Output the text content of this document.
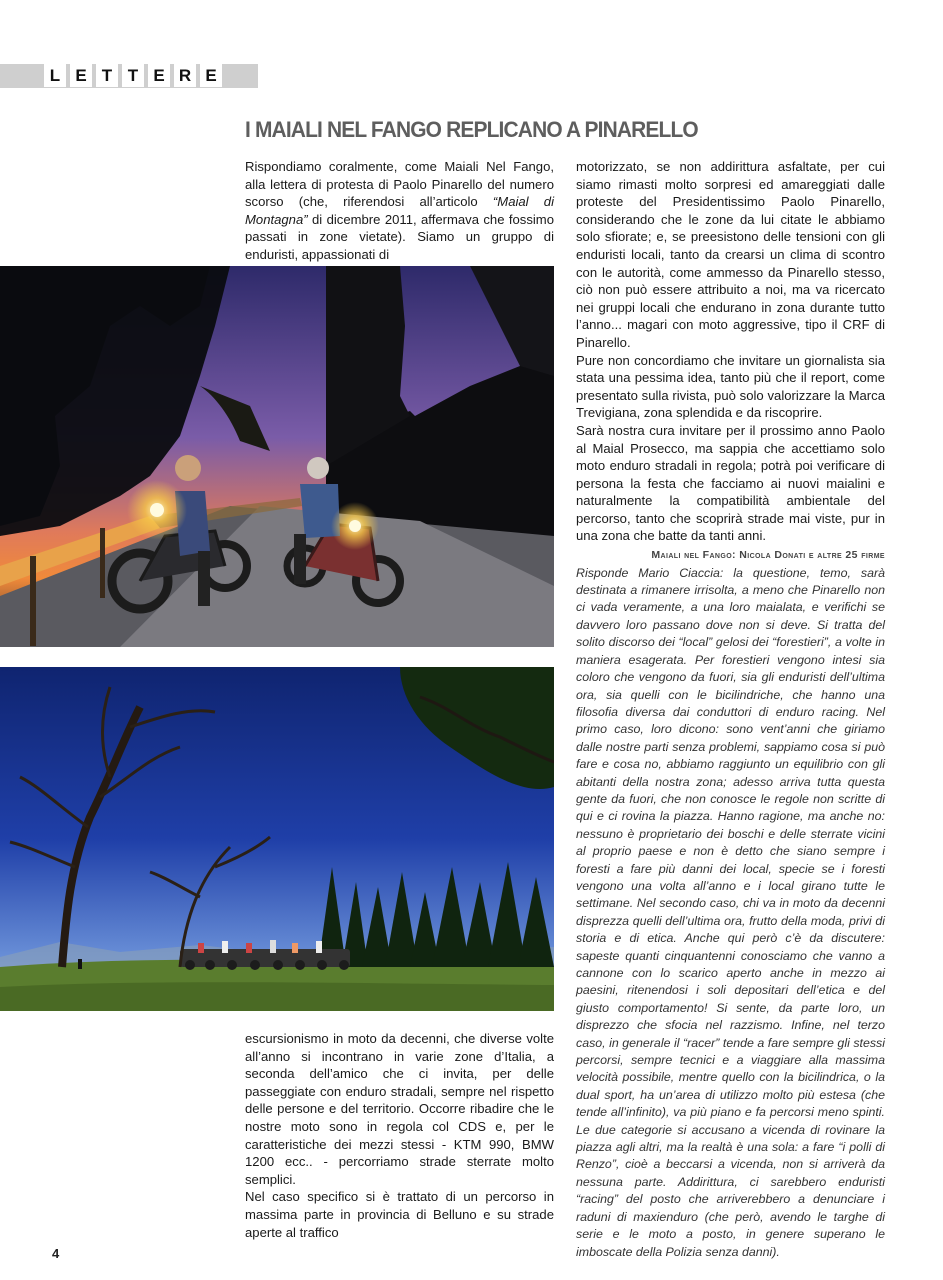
L E T T E R E
I MAIALI NEL FANGO REPLICANO A PINARELLO

Rispondiamo coralmente, come Maiali Nel Fango, alla lettera di protesta di Paolo Pinarello del numero scorso (che, riferendosi all’articolo “Maial di Montagna” di dicembre 2011, affermava che fossimo passati in zone vietate). Siamo un gruppo di enduristi, appassionati di

escursionismo in moto da decenni, che diverse volte all’anno si incontrano in varie zone d’Italia, a seconda dell’amico che ci invita, per delle passeggiate con enduro stradali, sempre nel rispetto delle persone e del territorio. Occorre ribadire che le nostre moto sono in regola col CDS e, per le caratteristiche dei mezzi stessi - KTM 990, BMW 1200 ecc.. - percorriamo strade sterrate molto semplici.

Nel caso specifico si è trattato di un percorso in massima parte in provincia di Belluno e su strade aperte al traffico

motorizzato, se non addirittura asfaltate, per cui siamo rimasti molto sorpresi ed amareggiati dalle proteste del Presidentissimo Paolo Pinarello, considerando che le zone da lui citate le abbiamo solo sfiorate; e, se preesistono delle tensioni con gli enduristi locali, tanto da crearsi un clima di scontro con le autorità, come ammesso da Pinarello stesso, ciò non può essere attribuito a noi, ma va ricercato nei gruppi locali che endurano in zona durante tutto l’anno... magari con moto aggressive, tipo il CRF di Pinarello.

Pure non concordiamo che invitare un giornalista sia stata una pessima idea, tanto più che il report, come presentato sulla rivista, può solo valorizzare la Marca Trevigiana, zona splendida e da riscoprire.

Sarà nostra cura invitare per il prossimo anno Paolo al Maial Prosecco, ma sappia che accettiamo solo moto enduro stradali in regola; potrà poi verificare di persona la festa che facciamo ai nuovi maialini e naturalmente la compatibilità ambientale del percorso, tanto che scoprirà strade mai viste, pur in una zona che batte da tanti anni.

Maiali nel Fango: Nicola Donati e altre 25 firme

Risponde Mario Ciaccia: la questione, temo, sarà destinata a rimanere irrisolta, a meno che Pinarello non ci vada veramente, a una loro maialata, e verifichi se davvero loro passano dove non si deve. Si tratta del solito discorso dei “local” gelosi dei “forestieri”, a volte in maniera esagerata. Per forestieri vengono intesi sia coloro che vengono da fuori, sia gli enduristi dell’ultima ora, sia quelli con le bicilindriche, che hanno una filosofia diversa dai conduttori di enduro racing. Nel primo caso, loro dicono: sono vent’anni che giriamo dalle nostre parti senza problemi, sappiamo cosa si può fare e cosa no, abbiamo raggiunto un equilibrio con gli abitanti della nostra zona; adesso arriva tutta questa gente da fuori, che non conosce le regole non scritte di qui e ci rovina la piazza. Hanno ragione, ma anche no: nessuno è proprietario dei boschi e delle sterrate vicini al proprio paese e non è detto che siano sempre i foresti a fare più danni dei local, specie se i foresti vengono una volta all’anno e i local girano tutte le settimane. Nel secondo caso, chi va in moto da decenni disprezza quelli dell’ultima ora, frutto della moda, privi di storia e di etica. Anche qui però c’è da discutere: sapeste quanti cinquantenni conosciamo che vanno a cannone con lo scarico aperto anche in mezzo ai paesini, ritenendosi i soli depositari dell’etica e del giusto comportamento! Si sente, da parte loro, un disprezzo che sfocia nel razzismo. Infine, nel terzo caso, in generale il “racer” tende a fare sempre gli stessi percorsi, sempre tecnici e a viaggiare alla massima velocità possibile, mentre quello con la bicilindrica, o la dual sport, ha un’area di utilizzo molto più estesa (che tende all’infinito), va più piano e fa percorsi meno spinti. Le due categorie si accusano a vicenda di rovinare la piazza agli altri, ma la realtà è una sola: a fare “i polli di Renzo”, cioè a beccarsi a vicenda, non si arriverà da nessuna parte. Addirittura, ci sarebbero enduristi “racing” del posto che arriverebbero a denunciare i raduni di maxienduro (che però, avendo le targhe di serie e le moto a posto, in genere superano le imboscate della Polizia senza danni).

4
